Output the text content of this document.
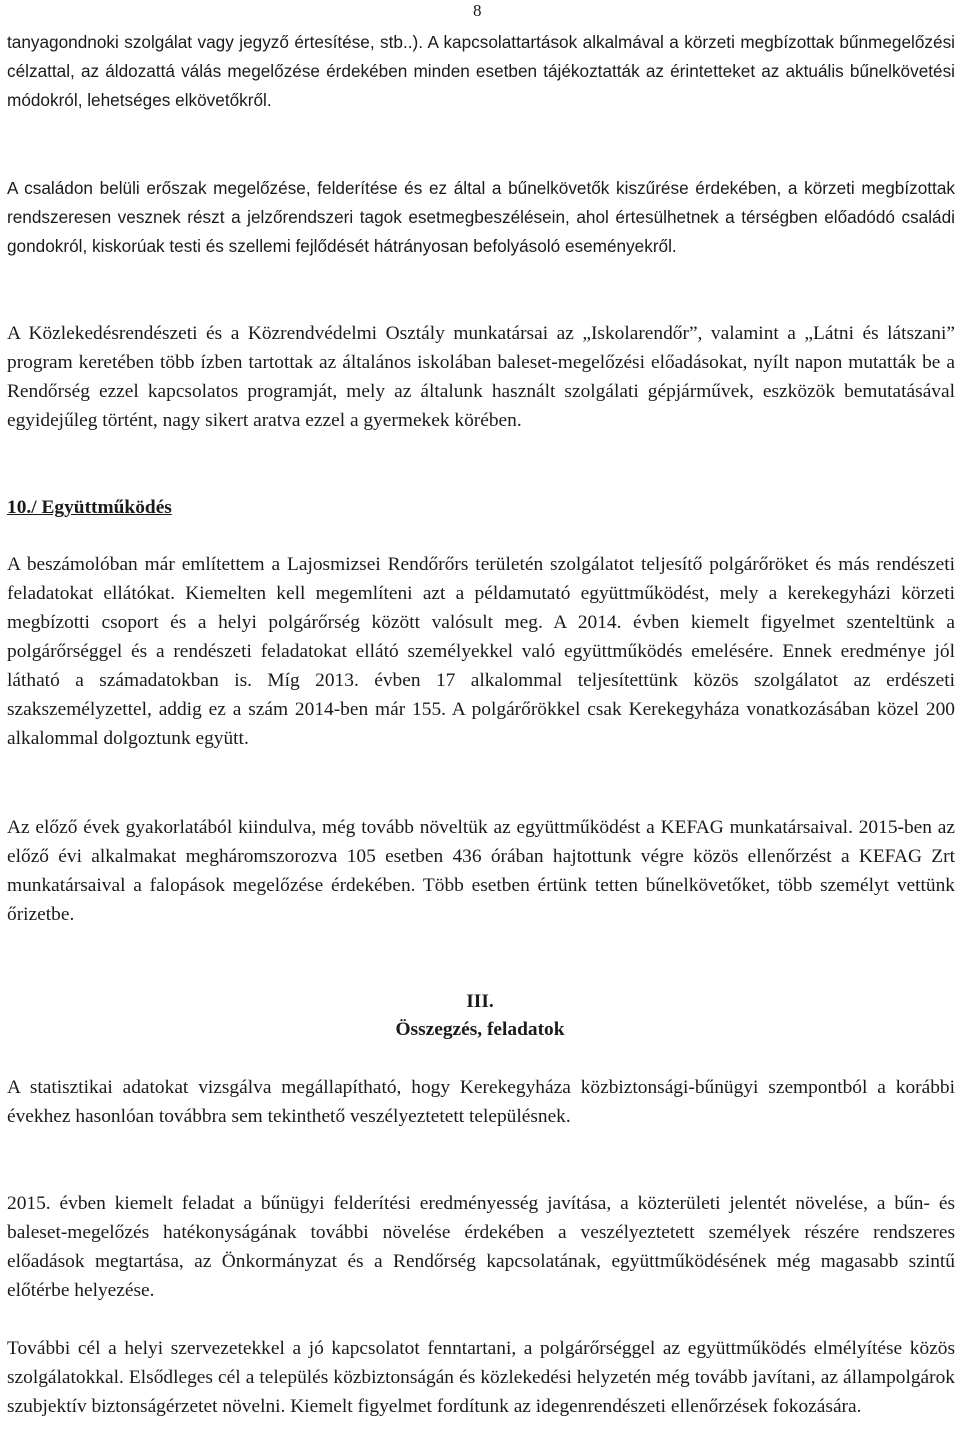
8

tanyagondnoki szolgálat vagy jegyző értesítése, stb..). A kapcsolattartások alkalmával a körzeti megbízottak bűnmegelőzési célzattal, az áldozattá válás megelőzése érdekében minden esetben tájékoztatták az érintetteket az aktuális bűnelkövetési módokról, lehetséges elkövetőkről.

A családon belüli erőszak megelőzése, felderítése és ez által a bűnelkövetők kiszűrése érdekében, a körzeti megbízottak rendszeresen vesznek részt a jelzőrendszeri tagok esetmegbeszélésein, ahol értesülhetnek a térségben előadódó családi gondokról, kiskorúak testi és szellemi fejlődését hátrányosan befolyásoló eseményekről.

A Közlekedésrendészeti és a Közrendvédelmi Osztály munkatársai az „Iskolarendőr”, valamint a „Látni és látszani” program keretében több ízben tartottak az általános iskolában baleset-megelőzési előadásokat, nyílt napon mutatták be a Rendőrség ezzel kapcsolatos programját, mely az általunk használt szolgálati gépjárművek, eszközök bemutatásával egyidejűleg történt, nagy sikert aratva ezzel a gyermekek körében.

10./ Együttműködés

A beszámolóban már említettem a Lajosmizsei Rendőrőrs területén szolgálatot teljesítő polgárőröket és más rendészeti feladatokat ellátókat. Kiemelten kell megemlíteni azt a példamutató együttműködést, mely a kerekegyházi körzeti megbízotti csoport és a helyi polgárőrség között valósult meg. A 2014. évben kiemelt figyelmet szenteltünk a polgárőrséggel és a rendészeti feladatokat ellátó személyekkel való együttműködés emelésére. Ennek eredménye jól látható a számadatokban is. Míg 2013. évben 17 alkalommal teljesítettünk közös szolgálatot az erdészeti szakszemélyzettel, addig ez a szám 2014-ben már 155. A polgárőrökkel csak Kerekegyháza vonatkozásában közel 200 alkalommal dolgoztunk együtt.

Az előző évek gyakorlatából kiindulva, még tovább növeltük az együttműködést a KEFAG munkatársaival. 2015-ben az előző évi alkalmakat megháromszorozva 105 esetben 436 órában hajtottunk végre közös ellenőrzést a KEFAG Zrt munkatársaival a falopások megelőzése érdekében. Több esetben értünk tetten bűnelkövetőket, több személyt vettünk őrizetbe.

III.
Összegzés, feladatok

A statisztikai adatokat vizsgálva megállapítható, hogy Kerekegyháza közbiztonsági-bűnügyi szempontból a korábbi évekhez hasonlóan továbbra sem tekinthető veszélyeztetett településnek.

2015. évben kiemelt feladat a bűnügyi felderítési eredményesség javítása, a közterületi jelentét növelése, a bűn- és baleset-megelőzés hatékonyságának további növelése érdekében a veszélyeztetett személyek részére rendszeres előadások megtartása, az Önkormányzat és a Rendőrség kapcsolatának, együttműködésének még magasabb szintű előtérbe helyezése.

További cél a helyi szervezetekkel a jó kapcsolatot fenntartani, a polgárőrséggel az együttműködés elmélyítése közös szolgálatokkal. Elsődleges cél a település közbiztonságán és közlekedési helyzetén még tovább javítani, az állampolgárok szubjektív biztonságérzetet növelni. Kiemelt figyelmet fordítunk az idegenrendészeti ellenőrzések fokozására.
